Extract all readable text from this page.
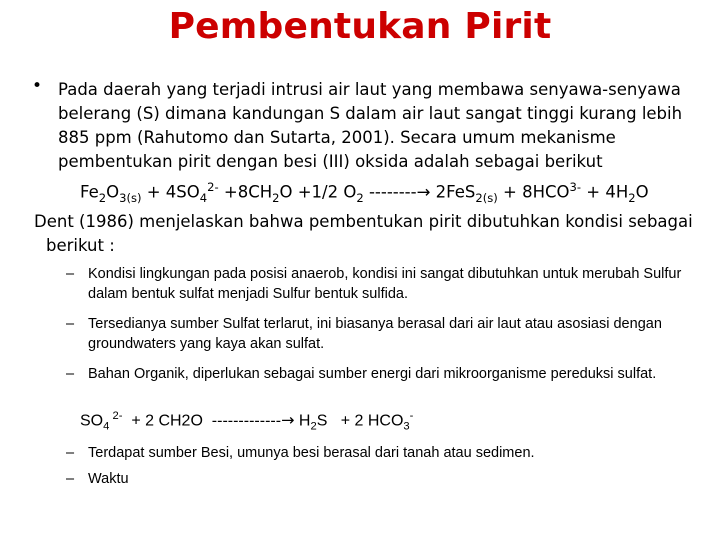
Pembentukan Pirit
• Pada daerah yang terjadi intrusi air laut yang membawa senyawa-senyawa belerang (S) dimana kandungan S dalam air laut sangat tinggi kurang lebih 885 ppm (Rahutomo dan Sutarta, 2001). Secara umum mekanisme pembentukan pirit dengan besi (III) oksida adalah sebagai berikut
$Fe_2O_{3(s)} + 4SO_4^{2-} +8CH_2O +1/2$ $O_2$ --------→ $2FeS_{2(s)} + 8HCO^{3-} + 4H_2O$
Dent (1986) menjelaskan bahwa pembentukan pirit dibutuhkan kondisi sebagai
berikut :
– Kondisi lingkungan pada posisi anaerob, kondisi ini sangat dibutuhkan untuk merubah Sulfur dalam bentuk sulfat menjadi Sulfur bentuk sulfida.
– Tersedianya sumber Sulfat terlarut, ini biasanya berasal dari air laut atau asosiasi dengan groundwaters yang kaya akan sulfat.
– Bahan Organik, diperlukan sebagai sumber energi dari mikroorganisme pereduksi sulfat.
$SO_4$ $^{2-}$  + 2 CH2O  -------------→ $H_2S + 2$ $HCO_3^-$
– Terdapat sumber Besi, umunya besi berasal dari tanah atau sedimen.
– Waktu
